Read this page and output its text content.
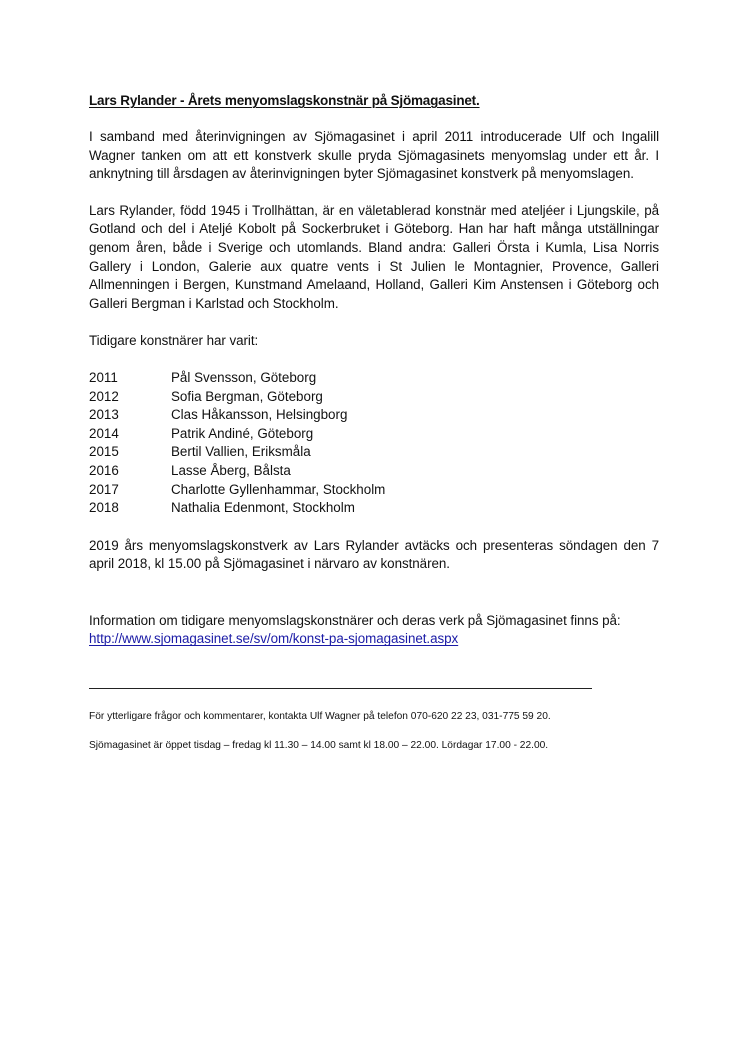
Lars Rylander - Årets menyomslagskonstnär på Sjömagasinet.

I samband med återinvigningen av Sjömagasinet i april 2011 introducerade Ulf och Ingalill Wagner tanken om att ett konstverk skulle pryda Sjömagasinets menyomslag under ett år. I anknytning till årsdagen av återinvigningen byter Sjömagasinet konstverk på menyomslagen.

Lars Rylander, född 1945 i Trollhättan, är en väletablerad konstnär med ateljéer i Ljungskile, på Gotland och del i Ateljé Kobolt på Sockerbruket i Göteborg. Han har haft många utställningar genom åren, både i Sverige och utomlands. Bland andra: Galleri Örsta i Kumla, Lisa Norris Gallery i London, Galerie aux quatre vents i St Julien le Montagnier, Provence, Galleri Allmenningen i Bergen, Kunstmand Amelaand, Holland, Galleri Kim Anstensen i Göteborg och Galleri Bergman i Karlstad och Stockholm.

Tidigare konstnärer har varit:

2011	Pål Svensson, Göteborg
2012	Sofia Bergman, Göteborg
2013	Clas Håkansson, Helsingborg
2014	Patrik Andiné, Göteborg
2015	Bertil Vallien, Eriksmåla
2016	Lasse Åberg, Bålsta
2017	Charlotte Gyllenhammar, Stockholm
2018	Nathalia Edenmont, Stockholm

2019 års menyomslagskonstverk av Lars Rylander avtäcks och presenteras söndagen den 7 april 2018, kl 15.00 på Sjömagasinet i närvaro av konstnären.

Information om tidigare menyomslagskonstnärer och deras verk på Sjömagasinet finns på:
http://www.sjomagasinet.se/sv/om/konst-pa-sjomagasinet.aspx

För ytterligare frågor och kommentarer, kontakta Ulf Wagner på telefon 070-620 22 23, 031-775 59 20.

Sjömagasinet är öppet tisdag – fredag kl 11.30 – 14.00 samt kl 18.00 – 22.00. Lördagar 17.00 - 22.00.
